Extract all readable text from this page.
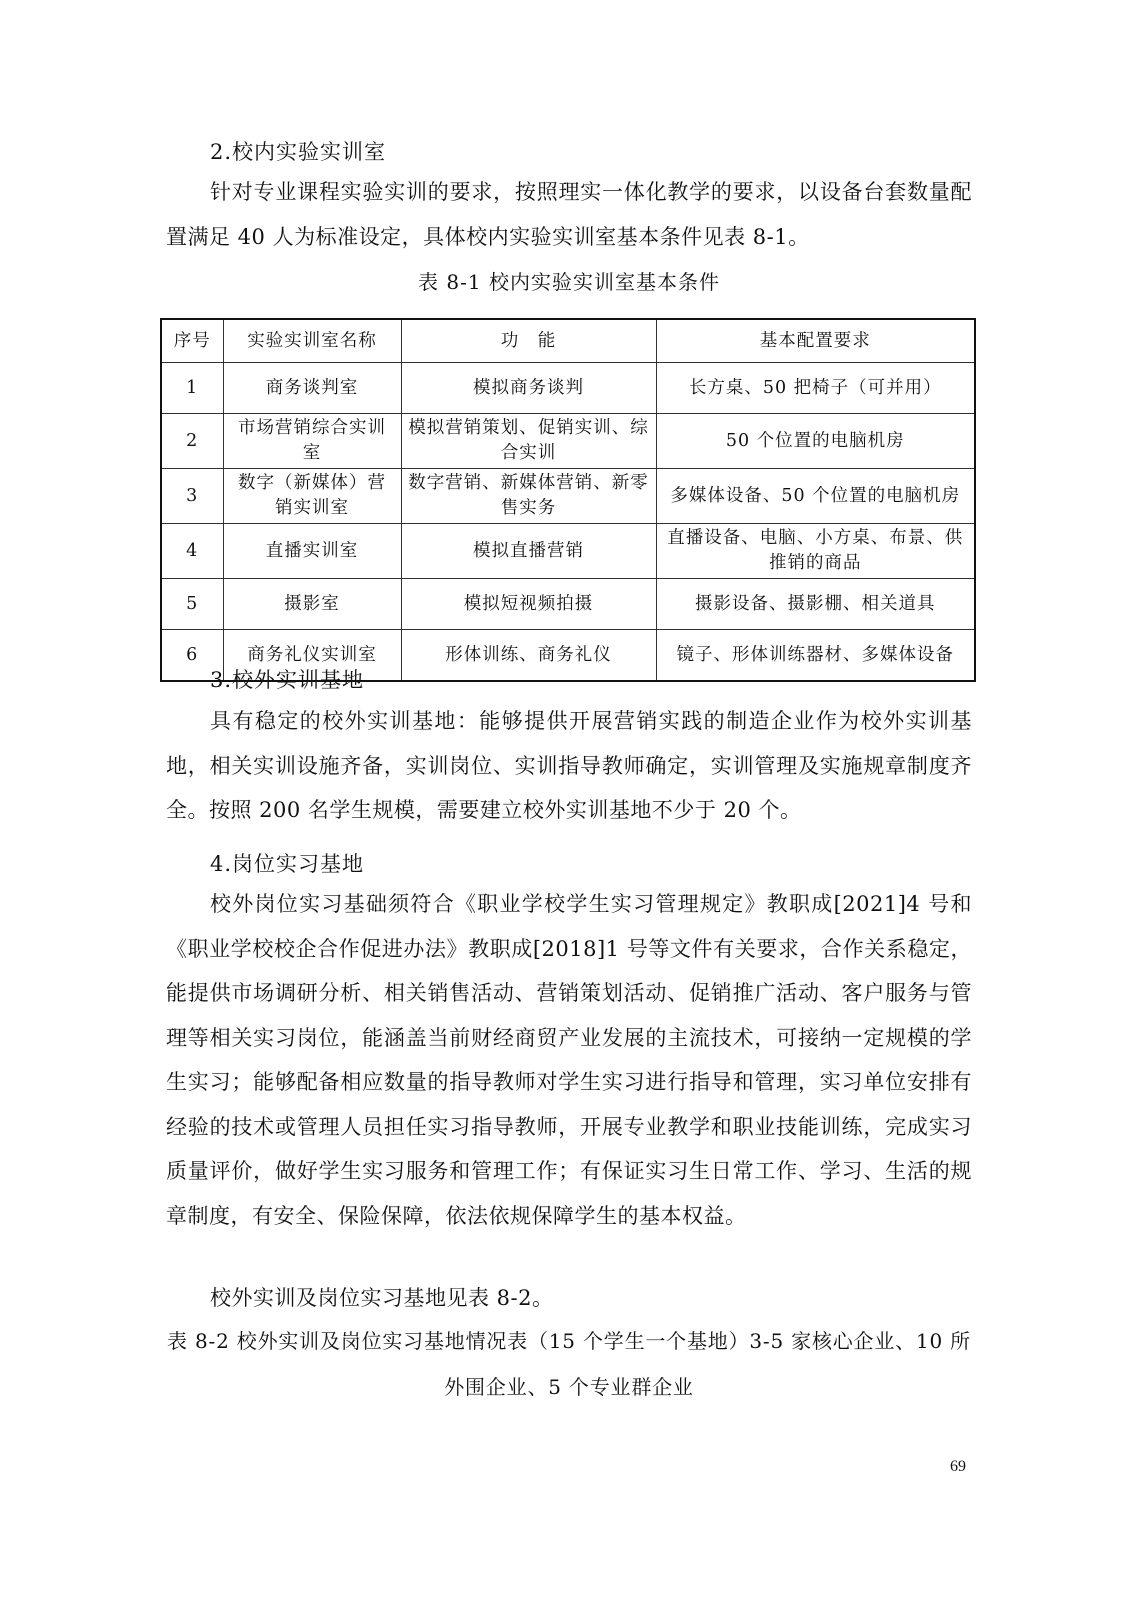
2.校内实验实训室
针对专业课程实验实训的要求，按照理实一体化教学的要求，以设备台套数量配置满足 40 人为标准设定，具体校内实验实训室基本条件见表 8-1。
表 8-1 校内实验实训室基本条件
序号	实验实训室名称	功　能	基本配置要求
1	商务谈判室	模拟商务谈判	长方桌、50 把椅子（可并用）
2	市场营销综合实训室	模拟营销策划、促销实训、综合实训	50 个位置的电脑机房
3	数字（新媒体）营销实训室	数字营销、新媒体营销、新零售实务	多媒体设备、50 个位置的电脑机房
4	直播实训室	模拟直播营销	直播设备、电脑、小方桌、布景、供推销的商品
5	摄影室	模拟短视频拍摄	摄影设备、摄影棚、相关道具
6	商务礼仪实训室	形体训练、商务礼仪	镜子、形体训练器材、多媒体设备
3.校外实训基地
具有稳定的校外实训基地：能够提供开展营销实践的制造企业作为校外实训基地，相关实训设施齐备，实训岗位、实训指导教师确定，实训管理及实施规章制度齐全。按照 200 名学生规模，需要建立校外实训基地不少于 20 个。
4.岗位实习基地
校外岗位实习基础须符合《职业学校学生实习管理规定》教职成[2021]4 号和《职业学校校企合作促进办法》教职成[2018]1 号等文件有关要求，合作关系稳定，能提供市场调研分析、相关销售活动、营销策划活动、促销推广活动、客户服务与管理等相关实习岗位，能涵盖当前财经商贸产业发展的主流技术，可接纳一定规模的学生实习；能够配备相应数量的指导教师对学生实习进行指导和管理，实习单位安排有经验的技术或管理人员担任实习指导教师，开展专业教学和职业技能训练，完成实习质量评价，做好学生实习服务和管理工作；有保证实习生日常工作、学习、生活的规章制度，有安全、保险保障，依法依规保障学生的基本权益。
校外实训及岗位实习基地见表 8-2。
表 8-2 校外实训及岗位实习基地情况表（15 个学生一个基地）3-5 家核心企业、10 所外围企业、5 个专业群企业
69
